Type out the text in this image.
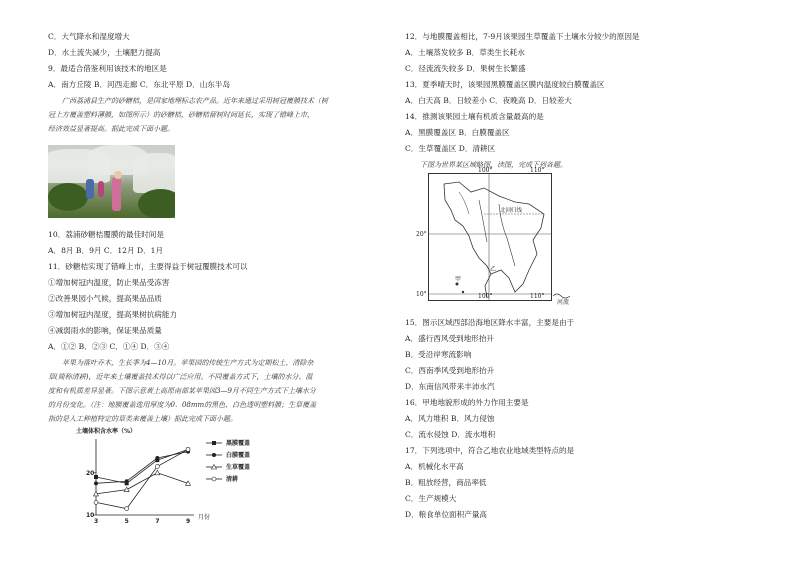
C．大气降水和湿度增大
D．水土流失减少，土壤肥力提高
9．最适合借鉴利用该技术的地区是
A．南方丘陵 B．河西走廊 C．东北平原 D．山东半岛
广西荔浦县生产的砂糖桔，是国家地理标志农产品。近年来通过采用树冠覆膜技术（树
冠上方覆盖塑料薄膜，如图所示）的砂糖桔，砂糖桔留树时间延长，实现了错峰上市，
经济效益显著提高。据此完成下面小题。
10．荔浦砂糖桔覆膜的最佳时间是
A．8月 B．9月 C．12月 D．1月
11．砂糖桔实现了错峰上市，主要得益于树冠覆膜技术可以
①增加树冠内温度，防止果品受冻害
②改善果园小气候，提高果品品质
③增加树冠内湿度，提高果树抗病能力
④减弱雨水的影响，保证果品质量
A．①② B．②③ C．①④ D．③④
苹果为落叶乔木，生长季为4—10月。苹果园的传统生产方式为定期松土、清除杂
草(简称清耕)，近年来土壤覆盖技术得以广泛应用。不同覆盖方式下，土壤的水分、温
度和有机质差异显著。下图示意黄土高原南部某苹果园3—9月不同生产方式下土壤水分
的月份变化。（注：地膜覆盖选用厚度为0．08mm的黑色、白色透明塑料膜；生草覆盖
指的是人工种植特定的草类来覆盖土壤）据此完成下面小题。
土壤体积含水率（%）
月份
3	5	7	9
10
20
黑膜覆盖
白膜覆盖
生草覆盖
清耕
12．与地膜覆盖相比，7-9月该果园生草覆盖下土壤水分较少的原因是
A．土壤蒸发较多 B．草类生长耗水
C．径流流失较多 D．果树生长繁盛
13．夏季晴天时，该果园黑膜覆盖区膜内温度较白膜覆盖区
A．白天高 B．日较差小 C．夜晚高 D．日较差大
14．推测该果园土壤有机质含量最高的是
A．黑膜覆盖区 B．白膜覆盖区
C．生草覆盖区 D．清耕区
下图为世界某区域略图，读图，完成下列各题。
100°	110°
20°
10°	100°	110°
北回归线
乙
甲
河流
15．图示区域西部沿海地区降水丰富，主要是由于
A．盛行西风受到地形抬升
B．受沿岸寒流影响
C．西南季风受到地形抬升
D．东南信风带来丰沛水汽
16．甲地地貌形成的外力作用主要是
A．风力堆积 B．风力侵蚀
C．流水侵蚀 D．流水堆积
17．下列选项中，符合乙地农业地域类型特点的是
A．机械化水平高
B．粗放经营，商品率低
C．生产规模大
D．粮食单位面积产量高
